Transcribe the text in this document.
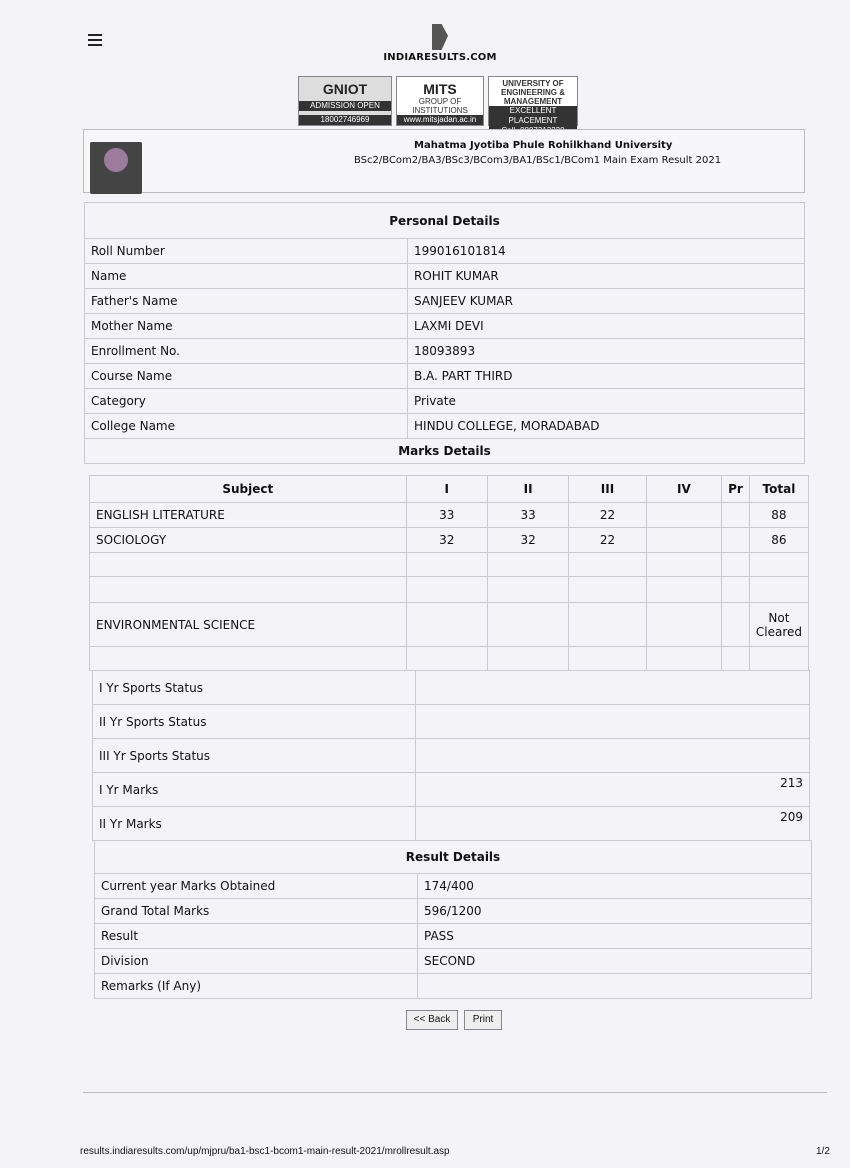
INDIARESULTS.COM
GNIOT
ADMISSION OPEN
18002746969
MITS
GROUP OF INSTITUTIONS
www.mitsjadan.ac.in
UNIVERSITY OF ENGINEERING & MANAGEMENT
EXCELLENT PLACEMENT
Mahatma Jyotiba Phule Rohilkhand University
BSc2/BCom2/BA3/BSc3/BCom3/BA1/BSc1/BCom1 Main Exam Result 2021
Personal Details	
Roll Number	199016101814
Name	ROHIT KUMAR
Father's Name	SANJEEV KUMAR
Mother Name	LAXMI DEVI
Enrollment No.	18093893
Course Name	B.A. PART THIRD
Category	Private
College Name	HINDU COLLEGE, MORADABAD
Marks Details	
Subject	I	II	III	IV	Pr	Total
ENGLISH LITERATURE	33	33	22			88
SOCIOLOGY	32	32	22			86

ENVIRONMENTAL SCIENCE						Not Cleared

I Yr Sports Status	
II Yr Sports Status	
III Yr Sports Status	
I Yr Marks	213
II Yr Marks	209
Result Details	
Current year Marks Obtained	174/400
Grand Total Marks	596/1200
Result	PASS
Division	SECOND
Remarks (If Any)	
<< Back	Print
results.indiaresults.com/up/mjpru/ba1-bsc1-bcom1-main-result-2021/mrollresult.asp	1/2
